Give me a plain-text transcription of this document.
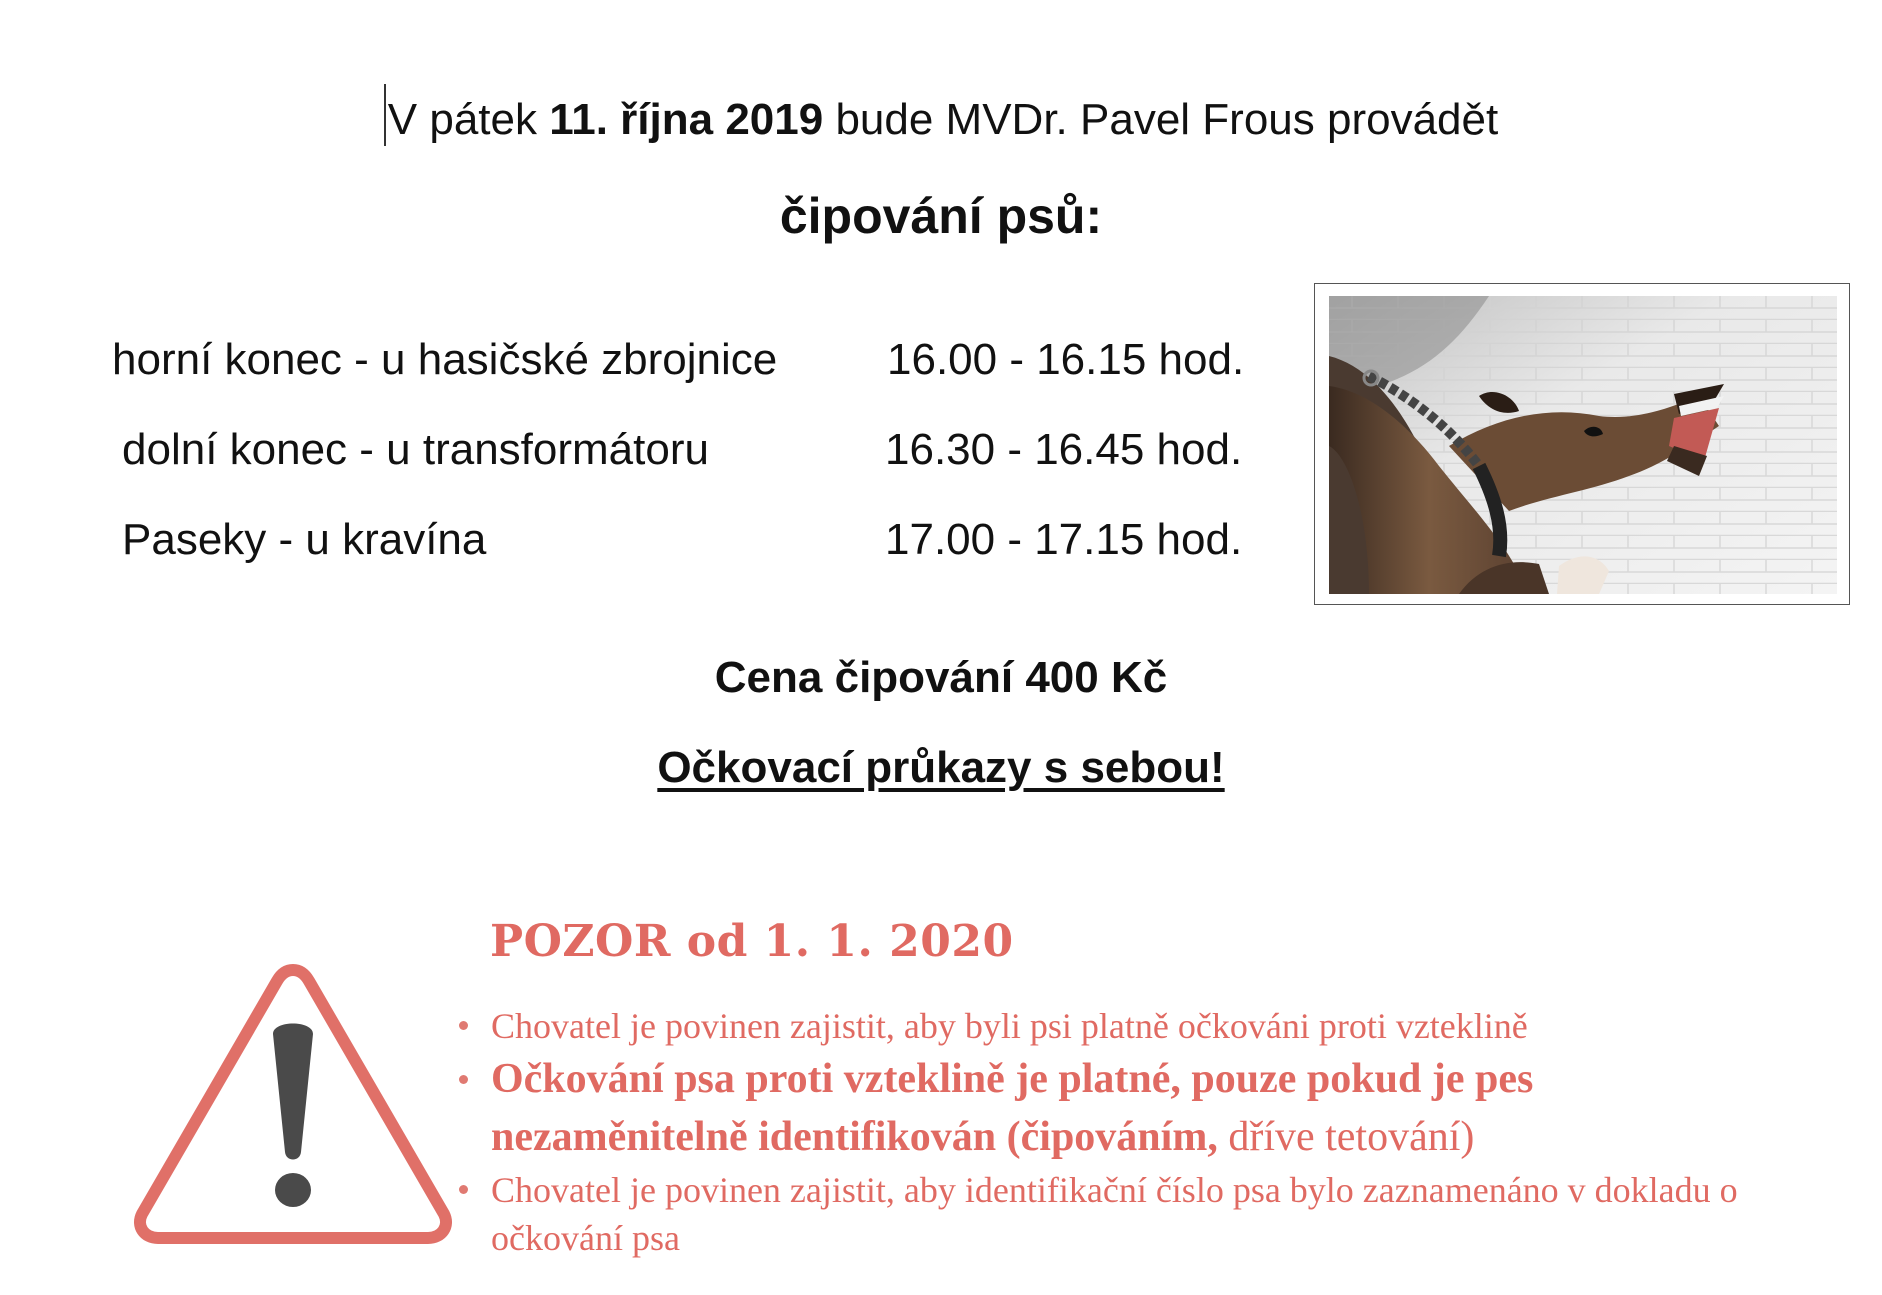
V pátek 11. října 2019 bude MVDr. Pavel Frous provádět
čipování psů:
horní konec - u hasičské zbrojnice 16.00 - 16.15 hod.
dolní konec - u transformátoru	16.30 - 16.45 hod.
Paseky - u kravína	17.00 - 17.15 hod.
Cena čipování 400 Kč
Očkovací průkazy s sebou!
POZOR od 1. 1. 2020
Chovatel je povinen zajistit, aby byli psi platně očkováni proti vzteklině
Očkování psa proti vzteklině je platné, pouze pokud je pes nezaměnitelně identifikován (čipováním, dříve tetování)
Chovatel je povinen zajistit, aby identifikační číslo psa bylo zaznamenáno v dokladu o očkování psa
